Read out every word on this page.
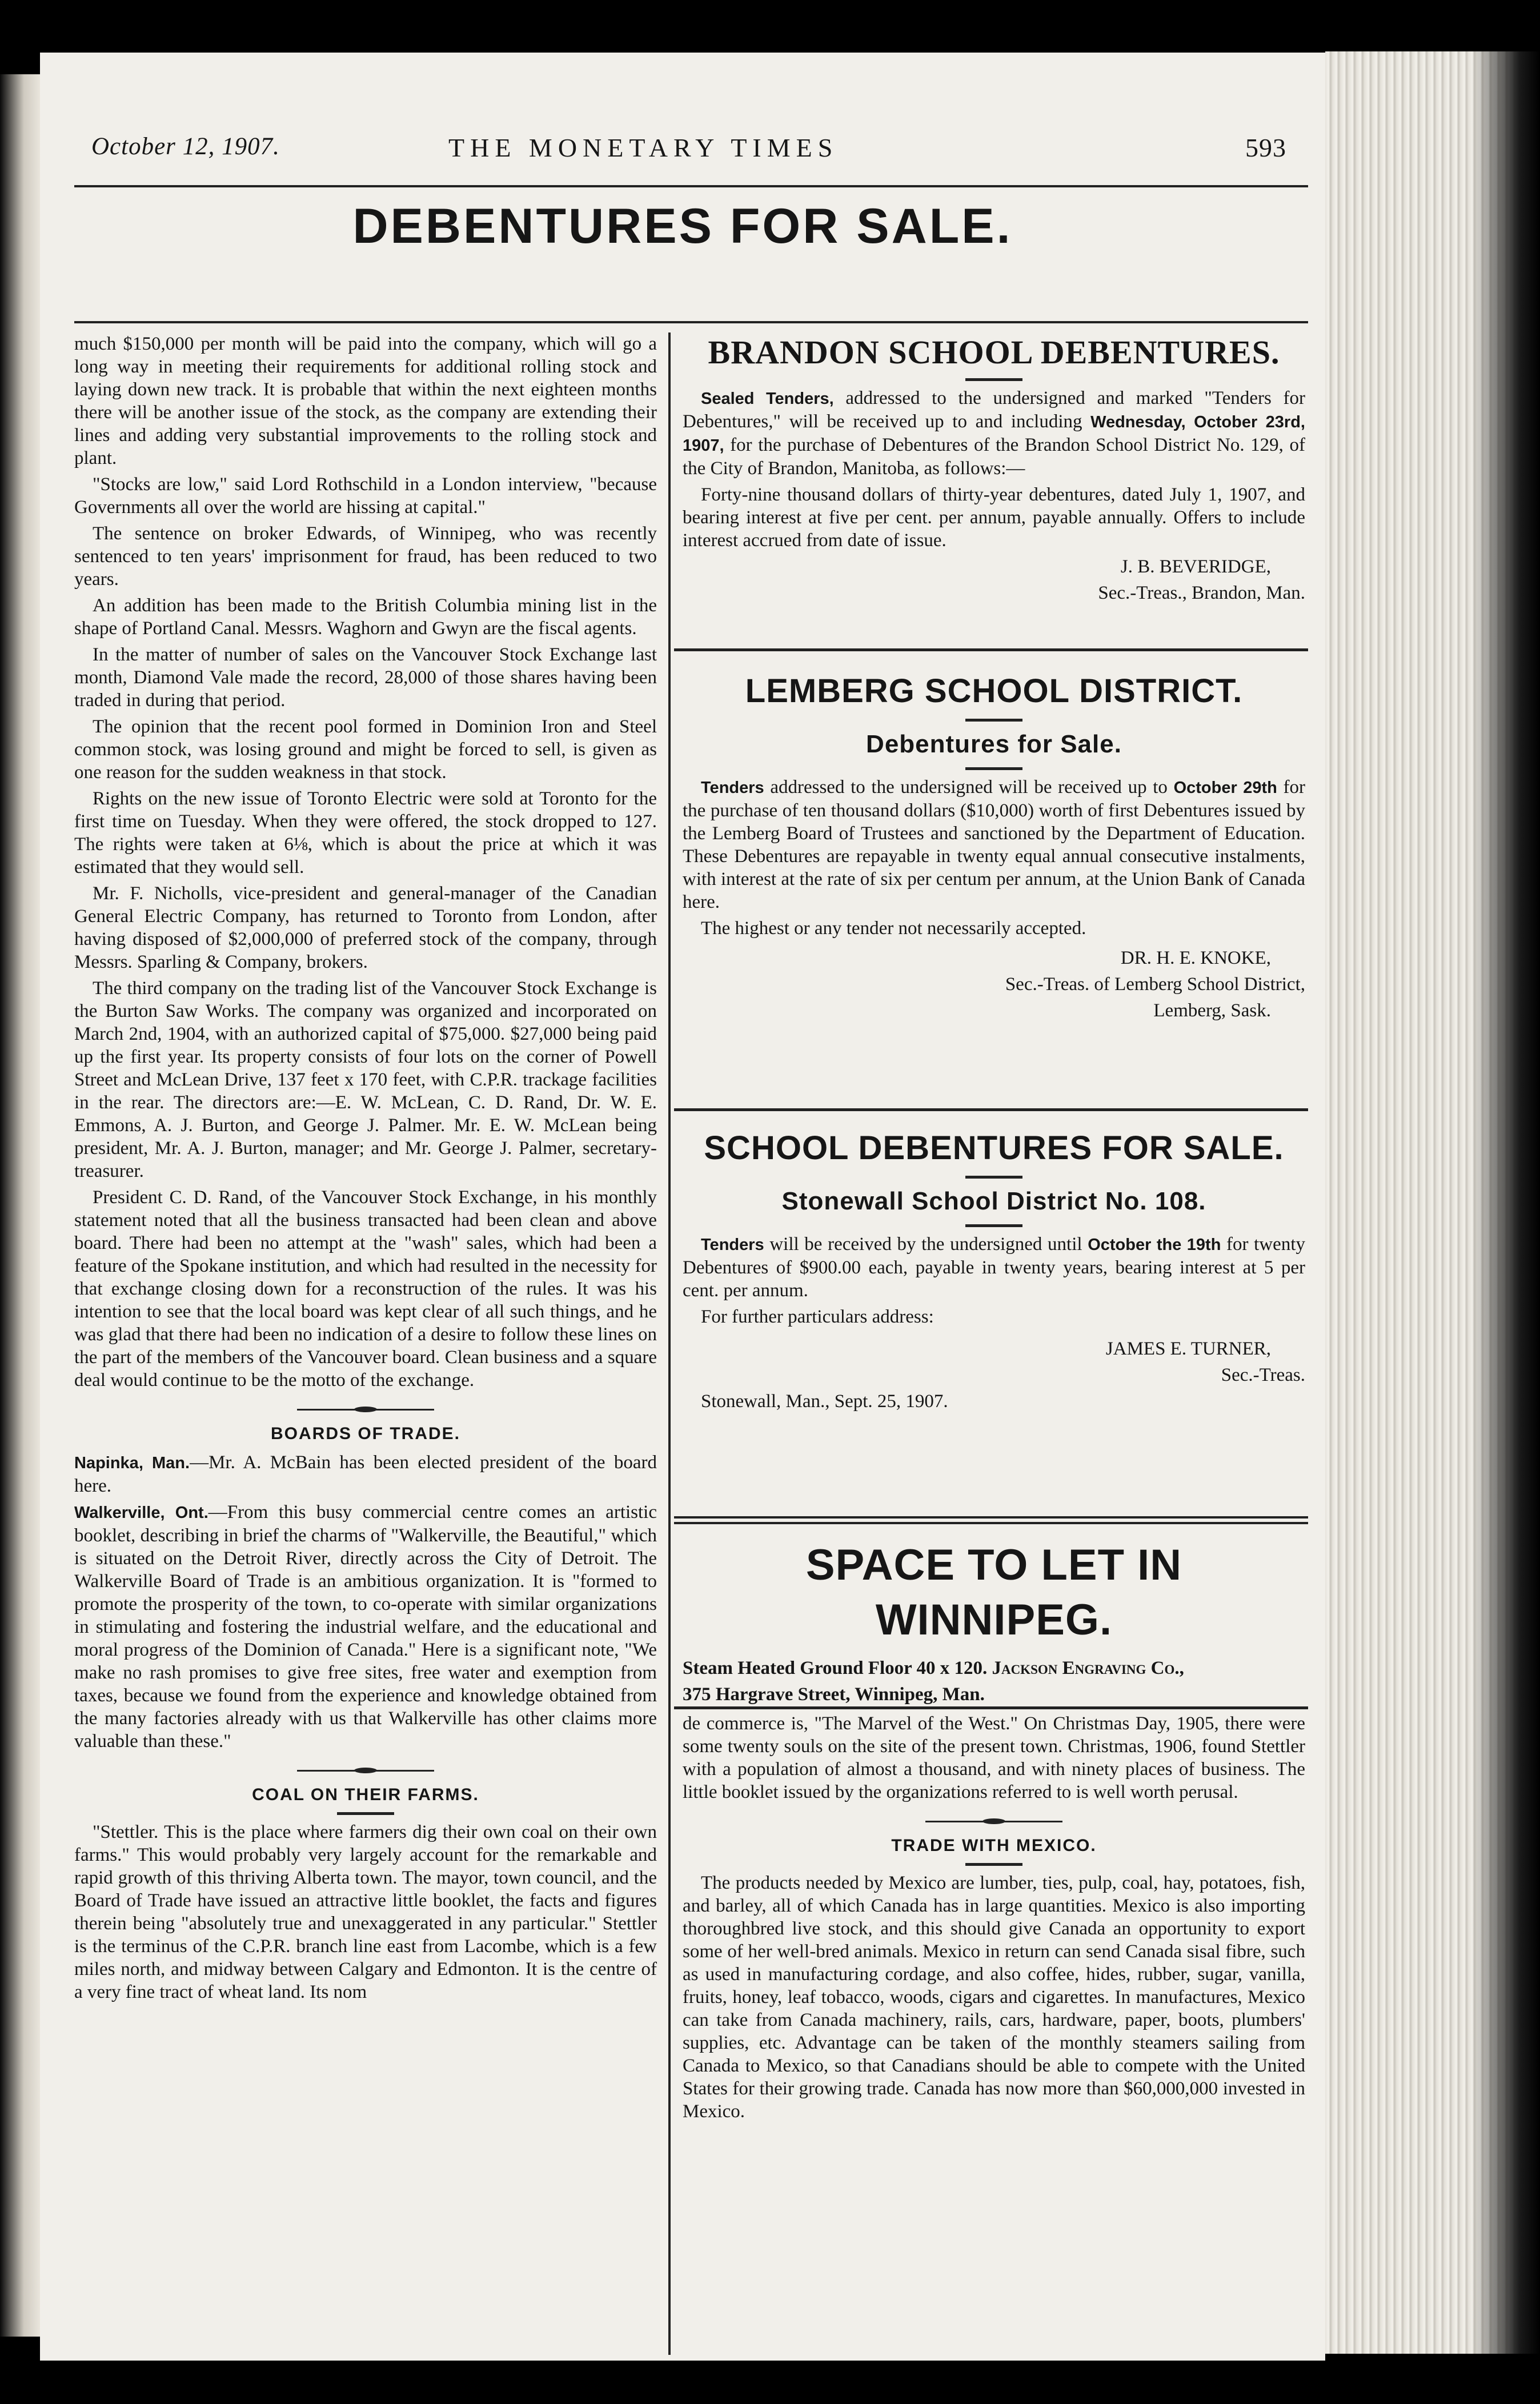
October 12, 1907.	THE MONETARY TIMES	593
DEBENTURES FOR SALE.

much $150,000 per month will be paid into the company, which will go a long way in meeting their requirements for additional rolling stock and laying down new track. It is probable that within the next eighteen months there will be another issue of the stock, as the company are extending their lines and adding very substantial improvements to the rolling stock and plant.

"Stocks are low," said Lord Rothschild in a London interview, "because Governments all over the world are hissing at capital."

The sentence on broker Edwards, of Winnipeg, who was recently sentenced to ten years' imprisonment for fraud, has been reduced to two years.

An addition has been made to the British Columbia mining list in the shape of Portland Canal. Messrs. Waghorn and Gwyn are the fiscal agents.

In the matter of number of sales on the Vancouver Stock Exchange last month, Diamond Vale made the record, 28,000 of those shares having been traded in during that period.

The opinion that the recent pool formed in Dominion Iron and Steel common stock, was losing ground and might be forced to sell, is given as one reason for the sudden weakness in that stock.

Rights on the new issue of Toronto Electric were sold at Toronto for the first time on Tuesday. When they were offered, the stock dropped to 127. The rights were taken at 6⅛, which is about the price at which it was estimated that they would sell.

Mr. F. Nicholls, vice-president and general-manager of the Canadian General Electric Company, has returned to Toronto from London, after having disposed of $2,000,000 of preferred stock of the company, through Messrs. Sparling & Company, brokers.

The third company on the trading list of the Vancouver Stock Exchange is the Burton Saw Works. The company was organized and incorporated on March 2nd, 1904, with an authorized capital of $75,000. $27,000 being paid up the first year. Its property consists of four lots on the corner of Powell Street and McLean Drive, 137 feet x 170 feet, with C.P.R. trackage facilities in the rear. The directors are:—E. W. McLean, C. D. Rand, Dr. W. E. Emmons, A. J. Burton, and George J. Palmer. Mr. E. W. McLean being president, Mr. A. J. Burton, manager; and Mr. George J. Palmer, secretary-treasurer.

President C. D. Rand, of the Vancouver Stock Exchange, in his monthly statement noted that all the business transacted had been clean and above board. There had been no attempt at the "wash" sales, which had been a feature of the Spokane institution, and which had resulted in the necessity for that exchange closing down for a reconstruction of the rules. It was his intention to see that the local board was kept clear of all such things, and he was glad that there had been no indication of a desire to follow these lines on the part of the members of the Vancouver board. Clean business and a square deal would continue to be the motto of the exchange.

BOARDS OF TRADE.

Napinka, Man.—Mr. A. McBain has been elected president of the board here.

Walkerville, Ont.—From this busy commercial centre comes an artistic booklet, describing in brief the charms of "Walkerville, the Beautiful," which is situated on the Detroit River, directly across the City of Detroit. The Walkerville Board of Trade is an ambitious organization. It is "formed to promote the prosperity of the town, to co-operate with similar organizations in stimulating and fostering the industrial welfare, and the educational and moral progress of the Dominion of Canada." Here is a significant note, "We make no rash promises to give free sites, free water and exemption from taxes, because we found from the experience and knowledge obtained from the many factories already with us that Walkerville has other claims more valuable than these."

COAL ON THEIR FARMS.

"Stettler. This is the place where farmers dig their own coal on their own farms." This would probably very largely account for the remarkable and rapid growth of this thriving Alberta town. The mayor, town council, and the Board of Trade have issued an attractive little booklet, the facts and figures therein being "absolutely true and unexaggerated in any particular." Stettler is the terminus of the C.P.R. branch line east from Lacombe, which is a few miles north, and midway between Calgary and Edmonton. It is the centre of a very fine tract of wheat land. Its nom

BRANDON SCHOOL DEBENTURES.

Sealed Tenders, addressed to the undersigned and marked "Tenders for Debentures," will be received up to and including Wednesday, October 23rd, 1907, for the purchase of Debentures of the Brandon School District No. 129, of the City of Brandon, Manitoba, as follows:—

Forty-nine thousand dollars of thirty-year debentures, dated July 1, 1907, and bearing interest at five per cent. per annum, payable annually. Offers to include interest accrued from date of issue.

J. B. BEVERIDGE,

Sec.-Treas., Brandon, Man.

LEMBERG SCHOOL DISTRICT.
Debentures for Sale.

Tenders addressed to the undersigned will be received up to October 29th for the purchase of ten thousand dollars ($10,000) worth of first Debentures issued by the Lemberg Board of Trustees and sanctioned by the Department of Education. These Debentures are repayable in twenty equal annual consecutive instalments, with interest at the rate of six per centum per annum, at the Union Bank of Canada here.

The highest or any tender not necessarily accepted.

DR. H. E. KNOKE,

Sec.-Treas. of Lemberg School District,

Lemberg, Sask.

SCHOOL DEBENTURES FOR SALE.
Stonewall School District No. 108.

Tenders will be received by the undersigned until October the 19th for twenty Debentures of $900.00 each, payable in twenty years, bearing interest at 5 per cent. per annum.

For further particulars address:

JAMES E. TURNER,

Sec.-Treas.

Stonewall, Man., Sept. 25, 1907.

SPACE TO LET IN
WINNIPEG.

Steam Heated Ground Floor 40 x 120. Jackson Engraving Co.,

375 Hargrave Street, Winnipeg, Man.

de commerce is, "The Marvel of the West." On Christmas Day, 1905, there were some twenty souls on the site of the present town. Christmas, 1906, found Stettler with a population of almost a thousand, and with ninety places of business. The little booklet issued by the organizations referred to is well worth perusal.

TRADE WITH MEXICO.

The products needed by Mexico are lumber, ties, pulp, coal, hay, potatoes, fish, and barley, all of which Canada has in large quantities. Mexico is also importing thoroughbred live stock, and this should give Canada an opportunity to export some of her well-bred animals. Mexico in return can send Canada sisal fibre, such as used in manufacturing cordage, and also coffee, hides, rubber, sugar, vanilla, fruits, honey, leaf tobacco, woods, cigars and cigarettes. In manufactures, Mexico can take from Canada machinery, rails, cars, hardware, paper, boots, plumbers' supplies, etc. Advantage can be taken of the monthly steamers sailing from Canada to Mexico, so that Canadians should be able to compete with the United States for their growing trade. Canada has now more than $60,000,000 invested in Mexico.
